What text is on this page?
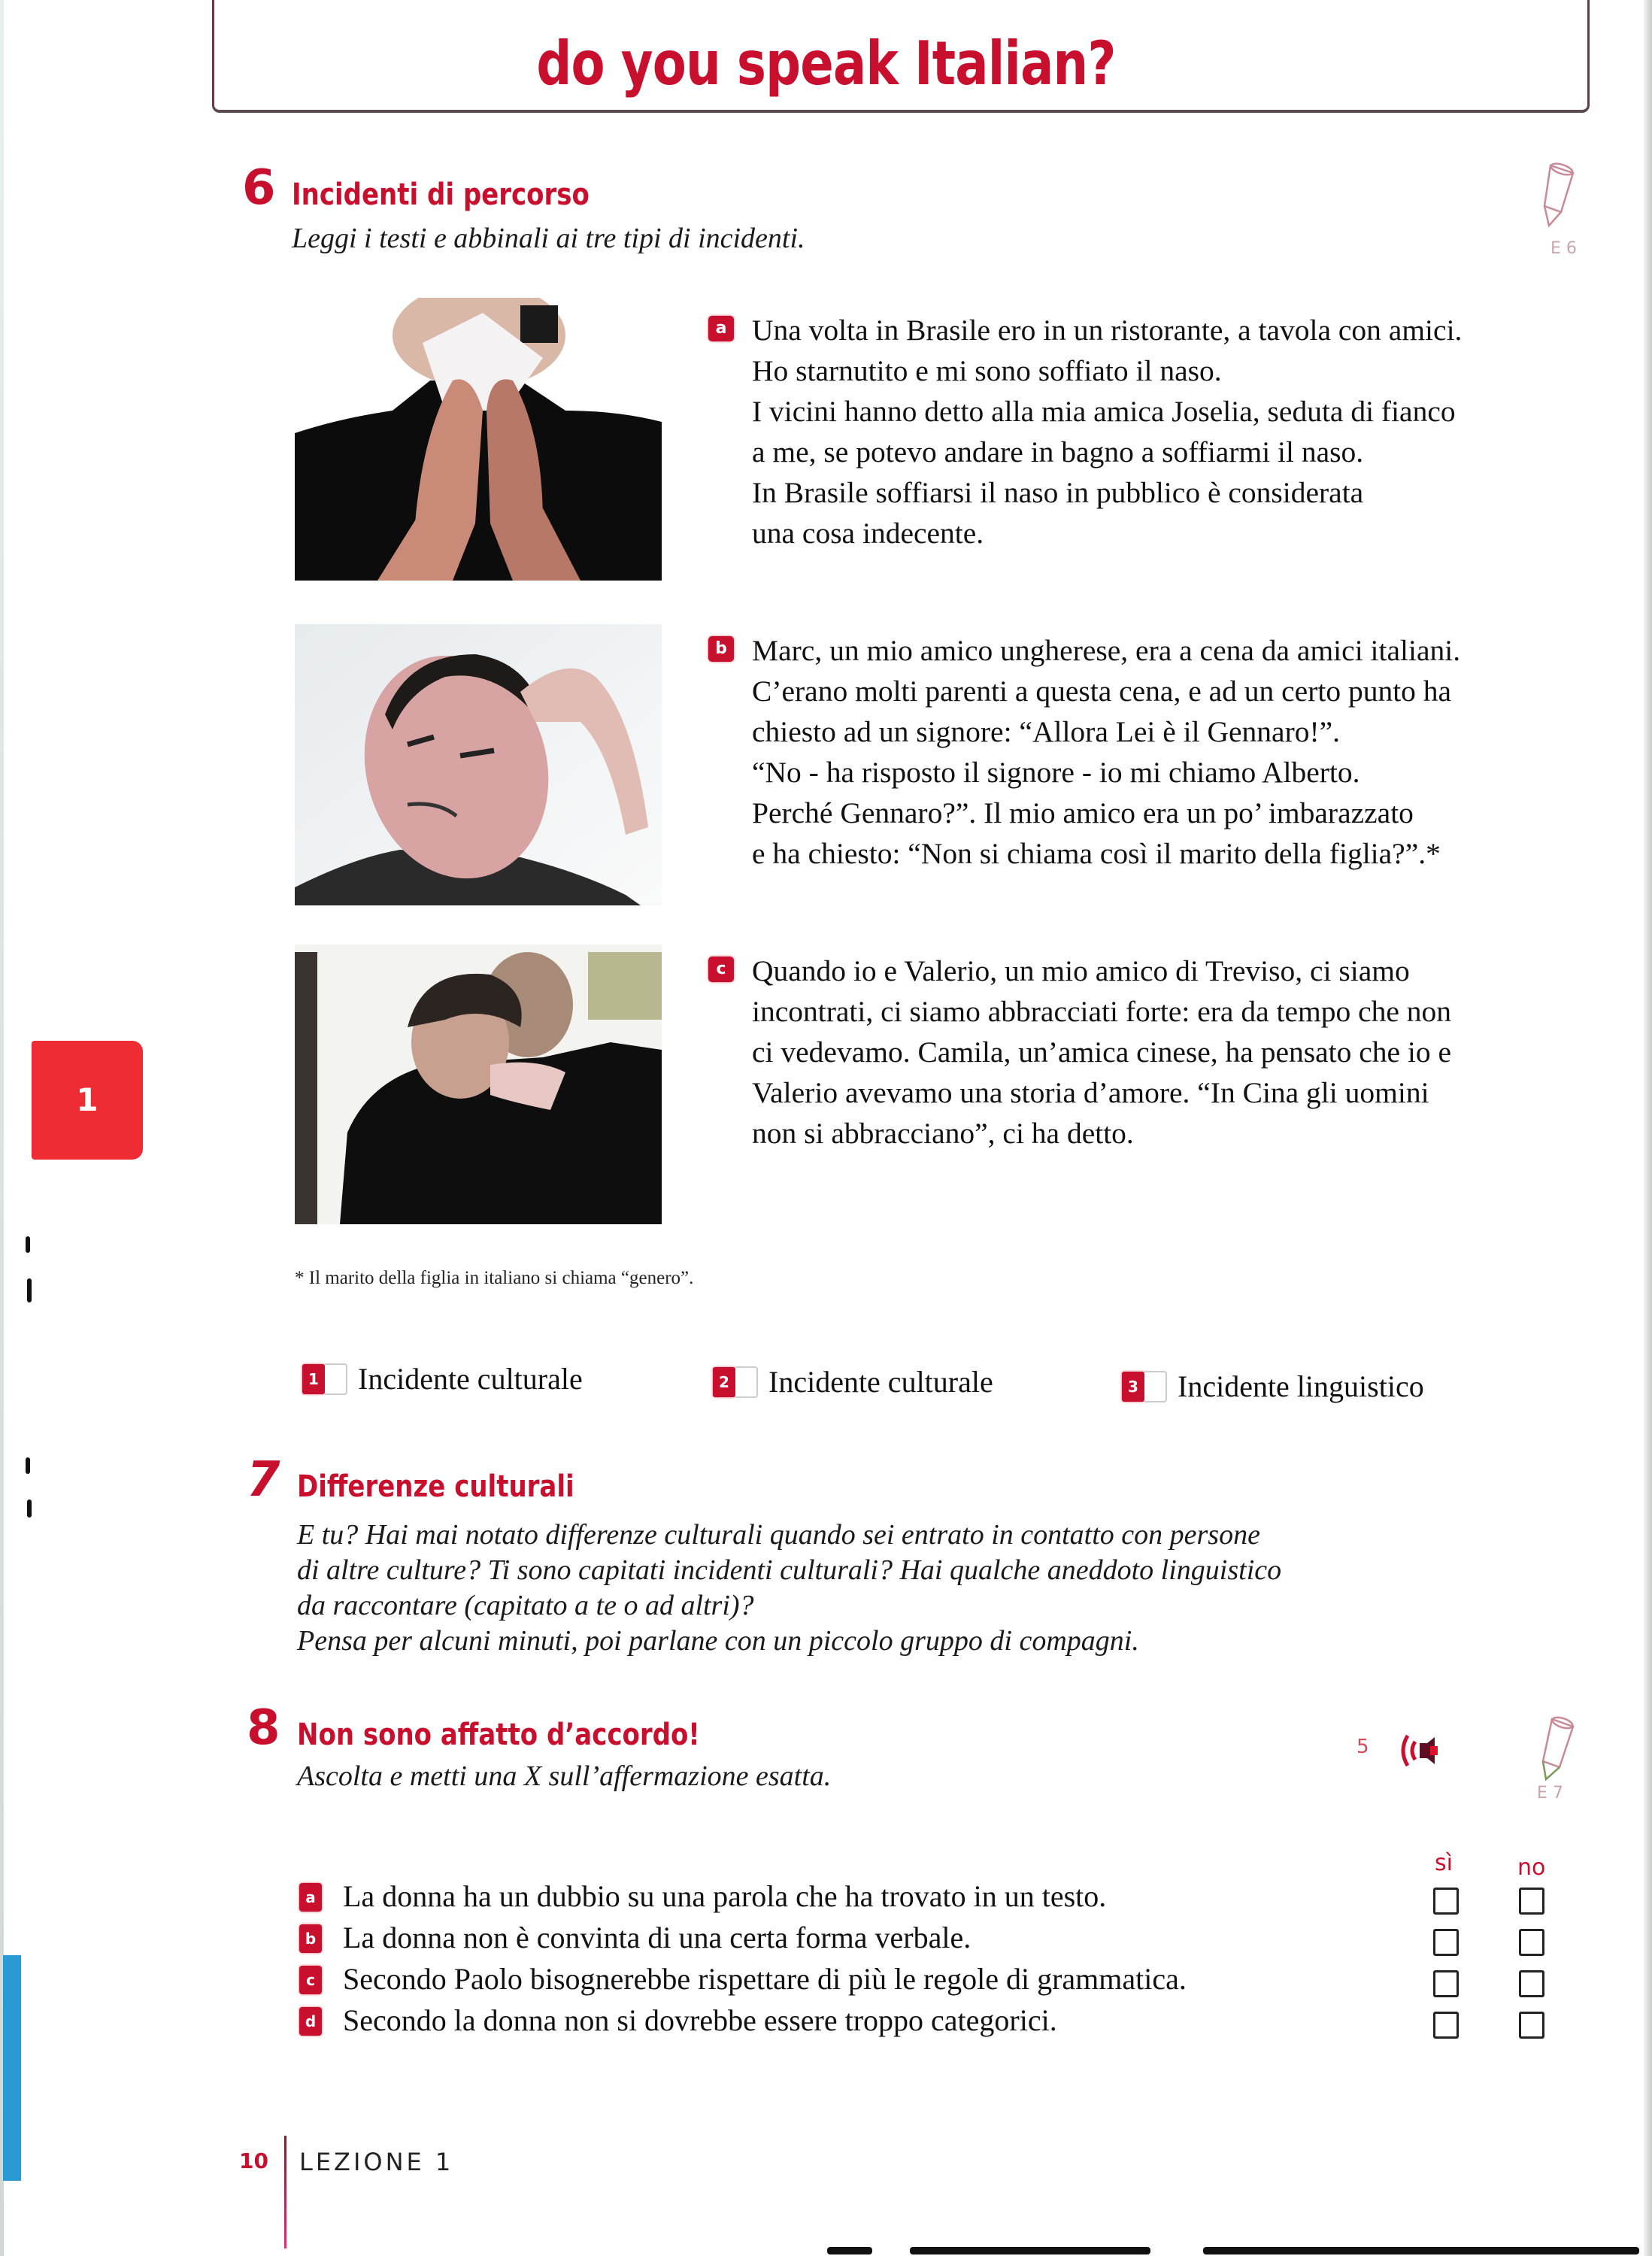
do you speak Italian?
6 Incidenti di percorso
Leggi i testi e abbinali ai tre tipi di incidenti.	E 6
a Una volta in Brasile ero in un ristorante, a tavola con amici.
Ho starnutito e mi sono soffiato il naso.
I vicini hanno detto alla mia amica Joselia, seduta di fianco
a me, se potevo andare in bagno a soffiarmi il naso.
In Brasile soffiarsi il naso in pubblico è considerata
una cosa indecente.
b Marc, un mio amico ungherese, era a cena da amici italiani.
C’erano molti parenti a questa cena, e ad un certo punto ha
chiesto ad un signore: “Allora Lei è il Gennaro!”.
“No - ha risposto il signore - io mi chiamo Alberto.
Perché Gennaro?”. Il mio amico era un po’ imbarazzato
e ha chiesto: “Non si chiama così il marito della figlia?”.*
c Quando io e Valerio, un mio amico di Treviso, ci siamo
incontrati, ci siamo abbracciati forte: era da tempo che non
ci vedevamo. Camila, un’amica cinese, ha pensato che io e
Valerio avevamo una storia d’amore. “In Cina gli uomini
non si abbracciano”, ci ha detto.
* Il marito della figlia in italiano si chiama “genero”.
1 Incidente culturale	2 Incidente culturale	3 Incidente linguistico
7 Differenze culturali
E tu? Hai mai notato differenze culturali quando sei entrato in contatto con persone
di altre culture? Ti sono capitati incidenti culturali? Hai qualche aneddoto linguistico
da raccontare (capitato a te o ad altri)?
Pensa per alcuni minuti, poi parlane con un piccolo gruppo di compagni.
8 Non sono affatto d’accordo!
Ascolta e metti una X sull’affermazione esatta.
5
E 7
sì	no
a La donna ha un dubbio su una parola che ha trovato in un testo.
b La donna non è convinta di una certa forma verbale.
c Secondo Paolo bisognerebbe rispettare di più le regole di grammatica.
d Secondo la donna non si dovrebbe essere troppo categorici.
1
10 LEZIONE 1
